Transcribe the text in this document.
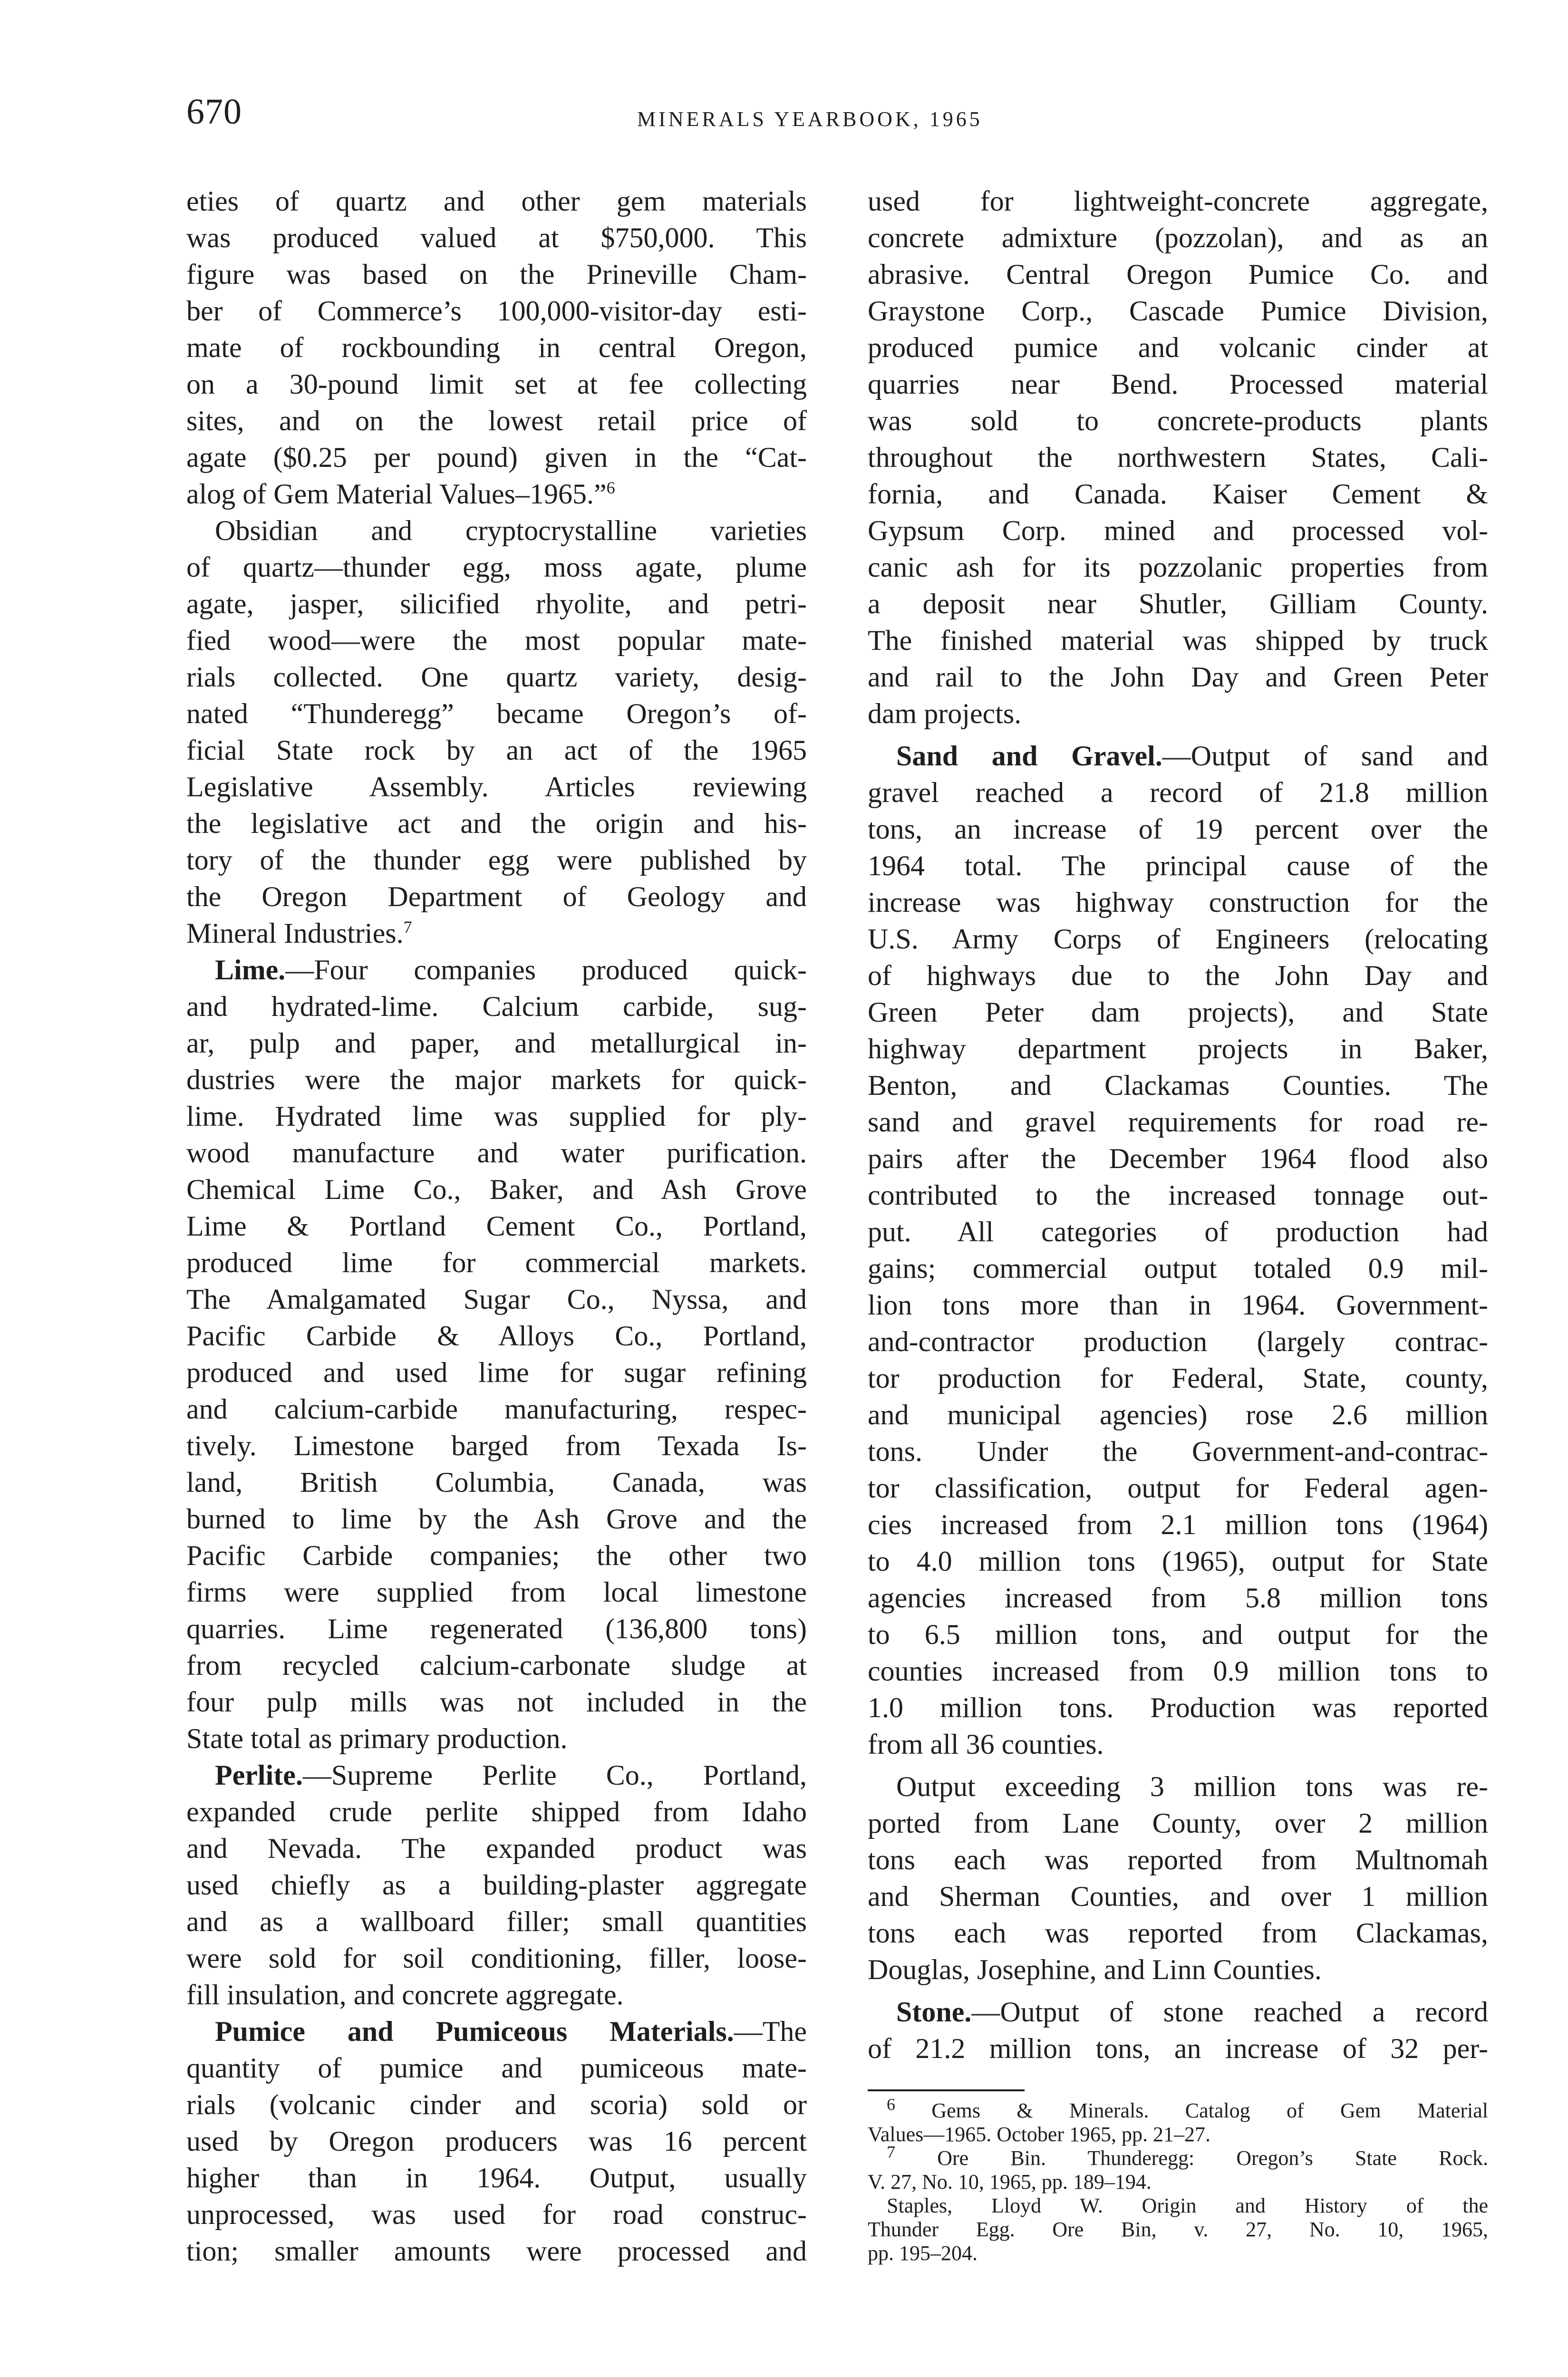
670	MINERALS YEARBOOK, 1965
eties of quartz and other gem materials
was produced valued at $750,000. This
figure was based on the Prineville Cham-
ber of Commerce’s 100,000-visitor-day esti-
mate of rockbounding in central Oregon,
on a 30-pound limit set at fee collecting
sites, and on the lowest retail price of
agate ($0.25 per pound) given in the “Cat-
alog of Gem Material Values–1965.”$^6$
Obsidian and cryptocrystalline varieties
of quartz—thunder egg, moss agate, plume
agate, jasper, silicified rhyolite, and petri-
fied wood—were the most popular mate-
rials collected. One quartz variety, desig-
nated “Thunderegg” became Oregon’s of-
ficial State rock by an act of the 1965
Legislative Assembly. Articles reviewing
the legislative act and the origin and his-
tory of the thunder egg were published by
the Oregon Department of Geology and
Mineral Industries.$^7$
Lime.—Four companies produced quick-
and hydrated-lime. Calcium carbide, sug-
ar, pulp and paper, and metallurgical in-
dustries were the major markets for quick-
lime. Hydrated lime was supplied for ply-
wood manufacture and water purification.
Chemical Lime Co., Baker, and Ash Grove
Lime & Portland Cement Co., Portland,
produced lime for commercial markets.
The Amalgamated Sugar Co., Nyssa, and
Pacific Carbide & Alloys Co., Portland,
produced and used lime for sugar refining
and calcium-carbide manufacturing, respec-
tively. Limestone barged from Texada Is-
land, British Columbia, Canada, was
burned to lime by the Ash Grove and the
Pacific Carbide companies; the other two
firms were supplied from local limestone
quarries. Lime regenerated (136,800 tons)
from recycled calcium-carbonate sludge at
four pulp mills was not included in the
State total as primary production.
Perlite.—Supreme Perlite Co., Portland,
expanded crude perlite shipped from Idaho
and Nevada. The expanded product was
used chiefly as a building-plaster aggregate
and as a wallboard filler; small quantities
were sold for soil conditioning, filler, loose-
fill insulation, and concrete aggregate.
Pumice and Pumiceous Materials.—The
quantity of pumice and pumiceous mate-
rials (volcanic cinder and scoria) sold or
used by Oregon producers was 16 percent
higher than in 1964. Output, usually
unprocessed, was used for road construc-
tion; smaller amounts were processed and
used for lightweight-concrete aggregate,
concrete admixture (pozzolan), and as an
abrasive. Central Oregon Pumice Co. and
Graystone Corp., Cascade Pumice Division,
produced pumice and volcanic cinder at
quarries near Bend. Processed material
was sold to concrete-products plants
throughout the northwestern States, Cali-
fornia, and Canada. Kaiser Cement &
Gypsum Corp. mined and processed vol-
canic ash for its pozzolanic properties from
a deposit near Shutler, Gilliam County.
The finished material was shipped by truck
and rail to the John Day and Green Peter
dam projects.
Sand and Gravel.—Output of sand and
gravel reached a record of 21.8 million
tons, an increase of 19 percent over the
1964 total. The principal cause of the
increase was highway construction for the
U.S. Army Corps of Engineers (relocating
of highways due to the John Day and
Green Peter dam projects), and State
highway department projects in Baker,
Benton, and Clackamas Counties. The
sand and gravel requirements for road re-
pairs after the December 1964 flood also
contributed to the increased tonnage out-
put. All categories of production had
gains; commercial output totaled 0.9 mil-
lion tons more than in 1964. Government-
and-contractor production (largely contrac-
tor production for Federal, State, county,
and municipal agencies) rose 2.6 million
tons. Under the Government-and-contrac-
tor classification, output for Federal agen-
cies increased from 2.1 million tons (1964)
to 4.0 million tons (1965), output for State
agencies increased from 5.8 million tons
to 6.5 million tons, and output for the
counties increased from 0.9 million tons to
1.0 million tons. Production was reported
from all 36 counties.
Output exceeding 3 million tons was re-
ported from Lane County, over 2 million
tons each was reported from Multnomah
and Sherman Counties, and over 1 million
tons each was reported from Clackamas,
Douglas, Josephine, and Linn Counties.
Stone.—Output of stone reached a record
of 21.2 million tons, an increase of 32 per-
$^6$ Gems & Minerals. Catalog of Gem Material
Values—1965. October 1965, pp. 21–27.
$^7$ Ore Bin. Thunderegg: Oregon’s State Rock.
V. 27, No. 10, 1965, pp. 189–194.
Staples, Lloyd W. Origin and History of the
Thunder Egg. Ore Bin, v. 27, No. 10, 1965,
pp. 195–204.
